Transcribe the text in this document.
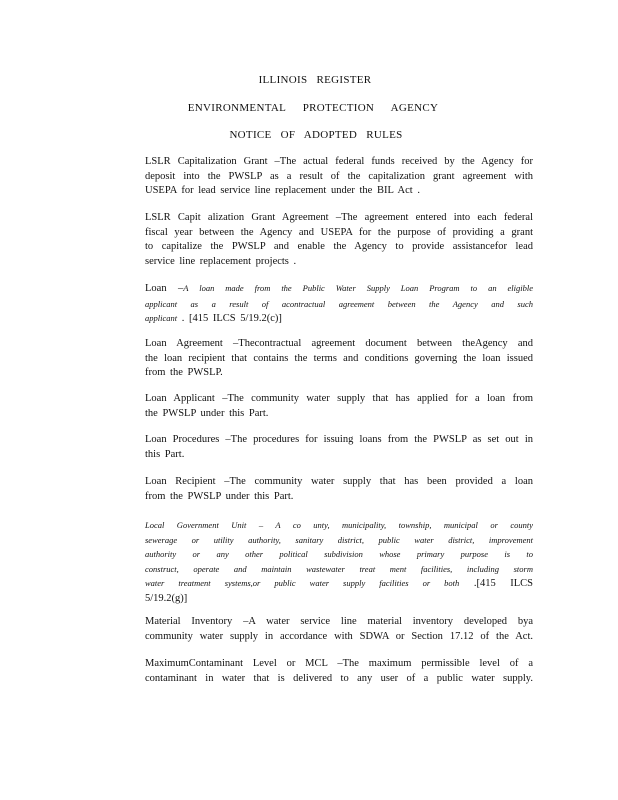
ILLINOIS REGISTER
ENVIRONMENTAL PROTECTION AGENCY
NOTICE OF ADOPTED RULES
LSLR Capitalization Grant –The actual federal funds received by the Agency for
deposit into the PWSLP as a result of the capitalization grant agreement with
USEPA for lead service line replacement under the BIL Act .
LSLR Capit alization Grant Agreement –The agreement entered into each federal
fiscal year between the Agency and USEPA for the purpose of providing a grant
to capitalize the PWSLP and enable the Agency to provide assistancefor lead
service line replacement projects .
Loan –A loan made from the Public Water Supply Loan Program to an eligible
applicant as a result of acontractual agreement between the Agency and such
applicant . [415 ILCS 5/19.2(c)]
Loan Agreement –Thecontractual agreement document between theAgency and
the loan recipient that contains the terms and conditions governing the loan issued
from the PWSLP.
Loan Applicant –The community water supply that has applied for a loan from
the PWSLP under this Part.
Loan Procedures –The procedures for issuing loans from the PWSLP as set out in
this Part.
Loan Recipient –The community water supply that has been provided a loan
from the PWSLP under this Part.
Local Government Unit – A co unty, municipality, township, municipal or county
sewerage or utility authority, sanitary district, public water district, improvement
authority or any other political subdivision whose primary purpose is to
construct, operate and maintain wastewater treat ment facilities, including storm
water treatment systems,or public water supply facilities or both .[415 ILCS
5/19.2(g)]
Material Inventory –A water service line material inventory developed bya
community water supply in accordance with SDWA or Section 17.12 of the Act.
MaximumContaminant Level or MCL –The maximum permissible level of a
contaminant in water that is delivered to any user of a public water supply.
